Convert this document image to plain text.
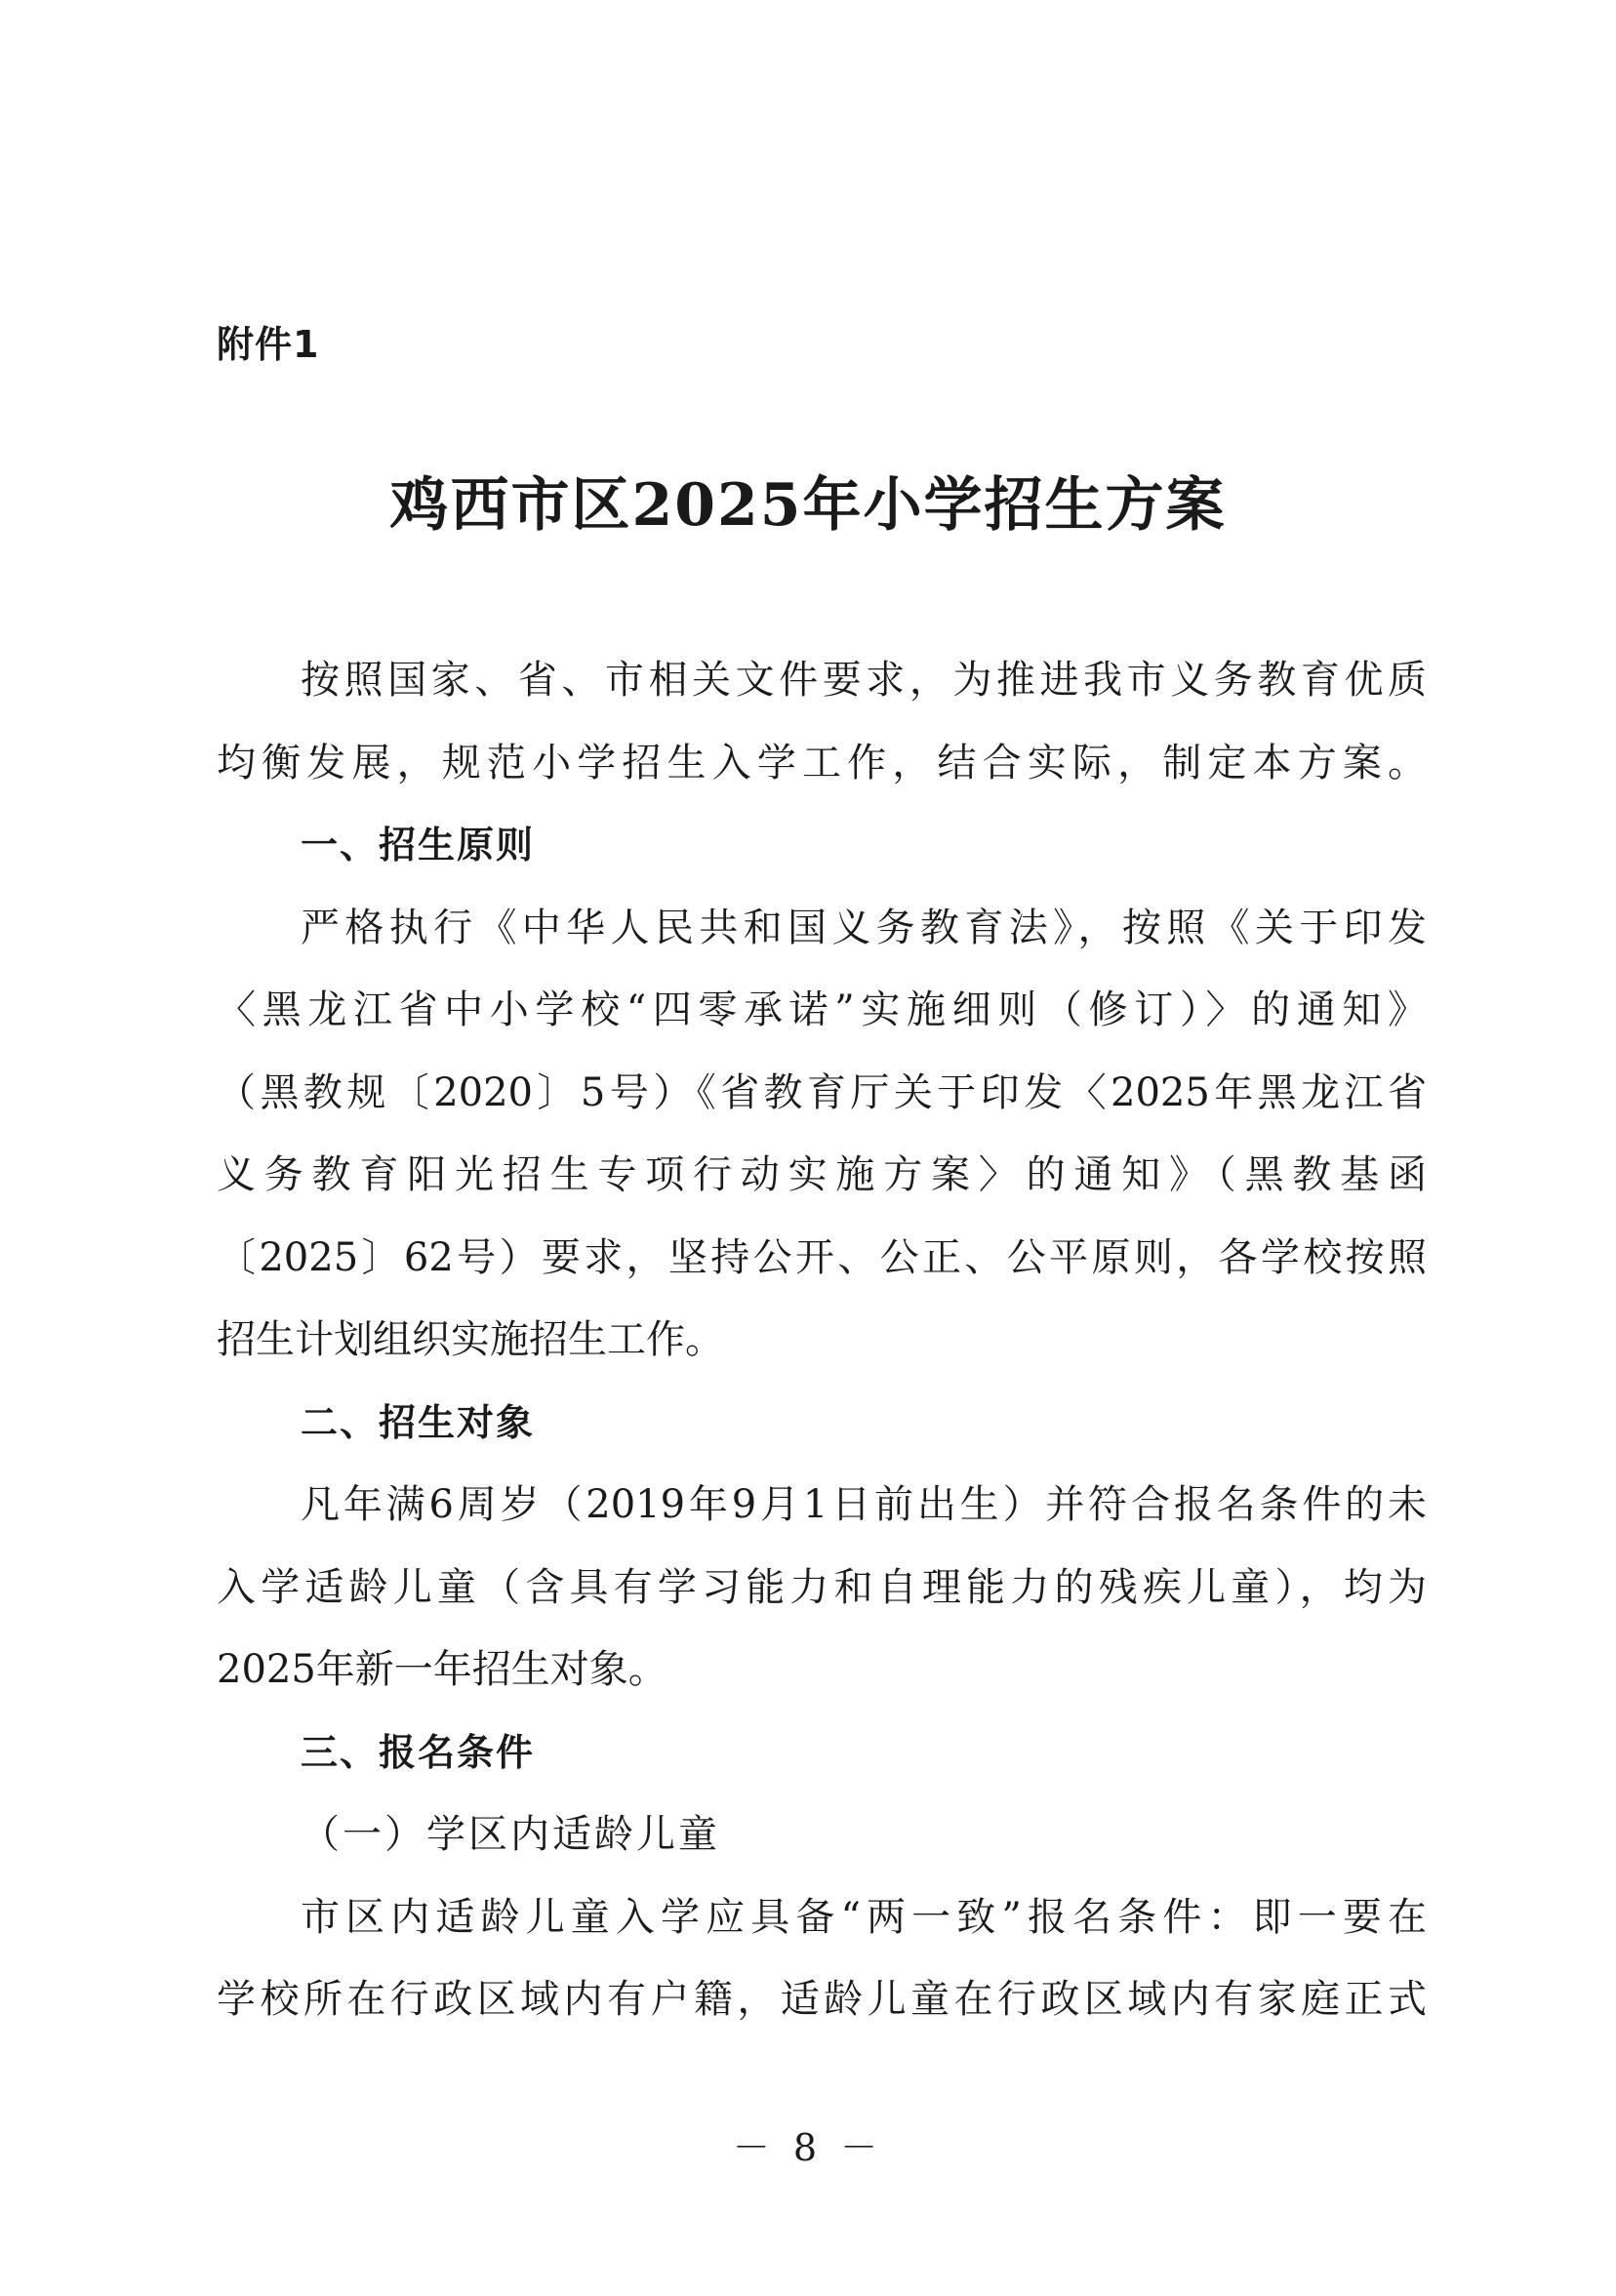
附件1
鸡西市区2025年小学招生方案
按照国家、省、市相关文件要求，为推进我市义务教育优质
均衡发展，规范小学招生入学工作，结合实际，制定本方案。
一、招生原则
严格执行《中华人民共和国义务教育法》，按照《关于印发
〈黑龙江省中小学校“四零承诺”实施细则（修订）〉的通知》
（黑教规〔2020〕5号）《省教育厅关于印发〈2025年黑龙江省
义务教育阳光招生专项行动实施方案〉的通知》（黑教基函
〔2025〕62号）要求，坚持公开、公正、公平原则，各学校按照
招生计划组织实施招生工作。
二、招生对象
凡年满6周岁（2019年9月1日前出生）并符合报名条件的未
入学适龄儿童（含具有学习能力和自理能力的残疾儿童），均为
2025年新一年招生对象。
三、报名条件
（一）学区内适龄儿童
市区内适龄儿童入学应具备“两一致”报名条件：即一要在
学校所在行政区域内有户籍，适龄儿童在行政区域内有家庭正式
－ 8 －
